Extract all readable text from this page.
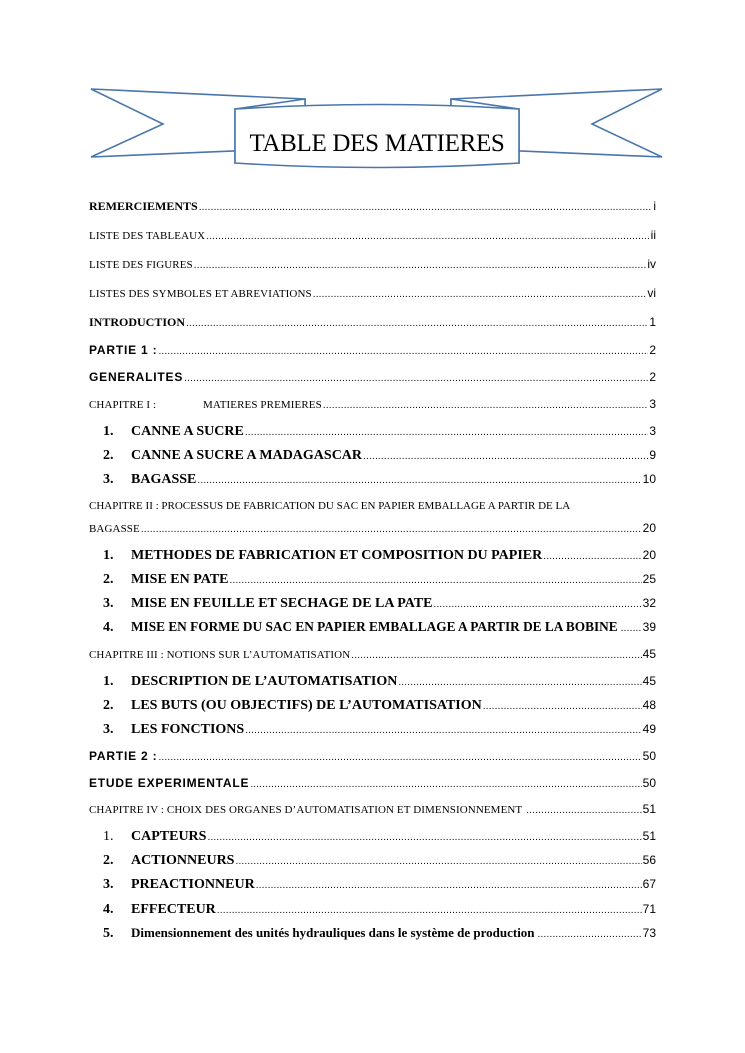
TABLE DES MATIERES
REMERCIEMENTS .....	i
LISTE DES TABLEAUX .....	ii
LISTE DES FIGURES .....	iv
LISTES DES SYMBOLES ET ABREVIATIONS .....	vi
INTRODUCTION .....	1
PARTIE 1 : .....	2
GENERALITES .....	2
CHAPITRE I :	MATIERES PREMIERES .....	3
1.	CANNE A SUCRE .....	3
2.	CANNE A SUCRE A MADAGASCAR .....	9
3.	BAGASSE .....	10
CHAPITRE II : PROCESSUS DE FABRICATION DU SAC EN PAPIER EMBALLAGE A PARTIR DE LA
BAGASSE .....	20
1.	METHODES DE FABRICATION ET COMPOSITION DU PAPIER .....	20
2.	MISE EN PATE .....	25
3.	MISE EN FEUILLE ET SECHAGE DE LA PATE .....	32
4.	MISE EN FORME DU SAC EN PAPIER EMBALLAGE A PARTIR DE LA BOBINE ..... 39
CHAPITRE III : NOTIONS SUR L’AUTOMATISATION .....	45
1.	DESCRIPTION DE L’AUTOMATISATION .....	45
2.	LES BUTS (OU OBJECTIFS) DE L’AUTOMATISATION .....	48
3.	LES FONCTIONS .....	49
PARTIE 2 : .....	50
ETUDE EXPERIMENTALE .....	50
CHAPITRE IV : CHOIX DES ORGANES D’AUTOMATISATION ET DIMENSIONNEMENT .....	51
1.	CAPTEURS .....	51
2.	ACTIONNEURS .....	56
3.	PREACTIONNEUR .....	67
4.	EFFECTEUR .....	71
5.	Dimensionnement des unités hydrauliques dans le système de production .....	73
